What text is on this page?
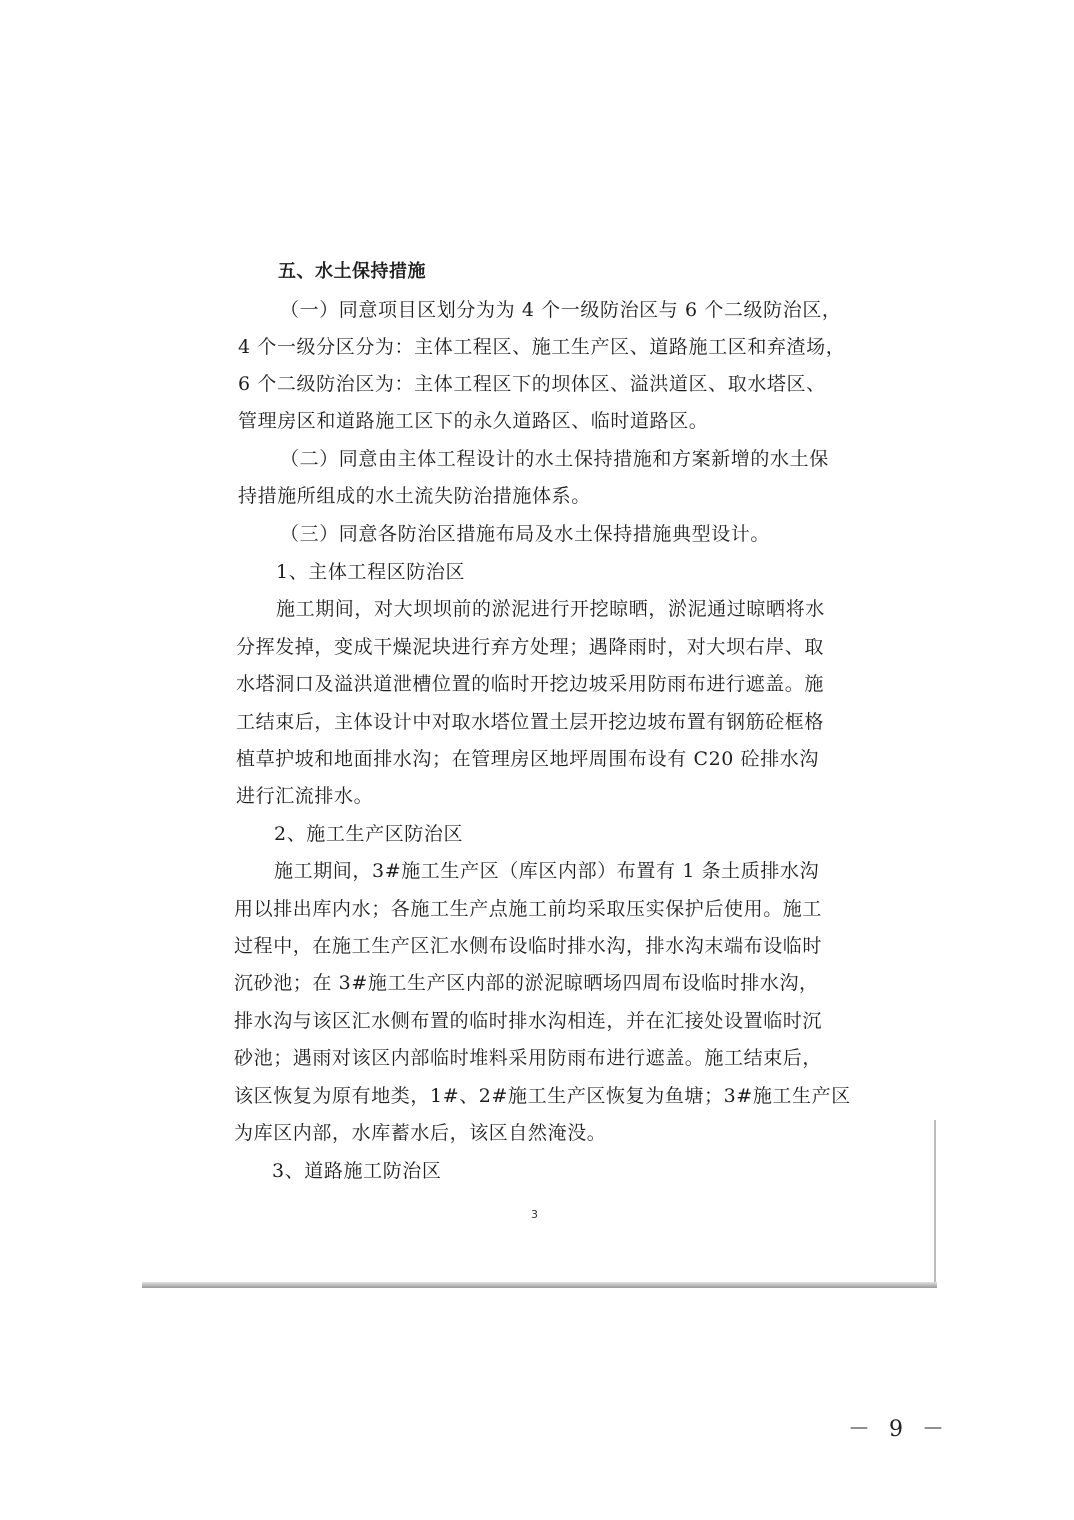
五、水土保持措施
（一）同意项目区划分为为 4 个一级防治区与 6 个二级防治区，
4 个一级分区分为：主体工程区、施工生产区、道路施工区和弃渣场，
6 个二级防治区为：主体工程区下的坝体区、溢洪道区、取水塔区、
管理房区和道路施工区下的永久道路区、临时道路区。
（二）同意由主体工程设计的水土保持措施和方案新增的水土保
持措施所组成的水土流失防治措施体系。
（三）同意各防治区措施布局及水土保持措施典型设计。
1、主体工程区防治区
施工期间，对大坝坝前的淤泥进行开挖晾晒，淤泥通过晾晒将水
分挥发掉，变成干燥泥块进行弃方处理；遇降雨时，对大坝右岸、取
水塔洞口及溢洪道泄槽位置的临时开挖边坡采用防雨布进行遮盖。施
工结束后，主体设计中对取水塔位置土层开挖边坡布置有钢筋砼框格
植草护坡和地面排水沟；在管理房区地坪周围布设有 C20 砼排水沟
进行汇流排水。
2、施工生产区防治区
施工期间，3#施工生产区（库区内部）布置有 1 条土质排水沟
用以排出库内水；各施工生产点施工前均采取压实保护后使用。施工
过程中，在施工生产区汇水侧布设临时排水沟，排水沟末端布设临时
沉砂池；在 3#施工生产区内部的淤泥晾晒场四周布设临时排水沟，
排水沟与该区汇水侧布置的临时排水沟相连，并在汇接处设置临时沉
砂池；遇雨对该区内部临时堆料采用防雨布进行遮盖。施工结束后，
该区恢复为原有地类，1#、2#施工生产区恢复为鱼塘；3#施工生产区
为库区内部，水库蓄水后，该区自然淹没。
3、道路施工防治区
3
－ 9 －
